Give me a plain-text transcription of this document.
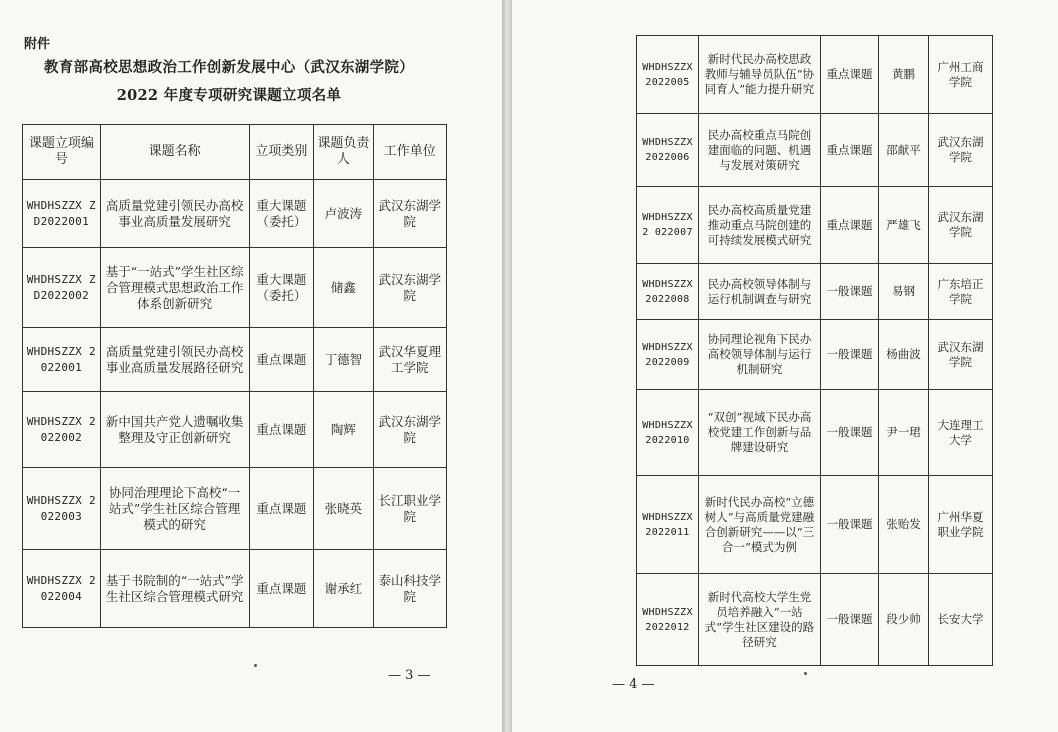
附件
教育部高校思想政治工作创新发展中心（武汉东湖学院）
2022 年度专项研究课题立项名单
课题立项编号	课题名称	立项类别	课题负责人	工作单位
WHDHSZZX ZD2022001	高质量党建引领民办高校事业高质量发展研究	重大课题（委托）	卢波涛	武汉东湖学院
WHDHSZZX ZD2022002	基于“一站式”学生社区综合管理模式思想政治工作体系创新研究	重大课题（委托）	储鑫	武汉东湖学院
WHDHSZZX 2022001	高质量党建引领民办高校事业高质量发展路径研究	重点课题	丁德智	武汉华夏理工学院
WHDHSZZX 2022002	新中国共产党人遗嘱收集整理及守正创新研究	重点课题	陶辉	武汉东湖学院
WHDHSZZX 2022003	协同治理理论下高校“一站式”学生社区综合管理模式的研究	重点课题	张晓英	长江职业学院
WHDHSZZX 2022004	基于书院制的“一站式”学生社区综合管理模式研究	重点课题	谢承红	泰山科技学院
— 3 —
— 4 —
WHDHSZZX 2022005	新时代民办高校思政教师与辅导员队伍“协同育人”能力提升研究	重点课题	黄鹏	广州工商学院
WHDHSZZX 2022006	民办高校重点马院创建面临的问题、机遇与发展对策研究	重点课题	邵献平	武汉东湖学院
WHDHSZZX2 022007	民办高校高质量党建推动重点马院创建的可持续发展模式研究	重点课题	严雄飞	武汉东湖学院
WHDHSZZX 2022008	民办高校领导体制与运行机制调查与研究	一般课题	易钢	广东培正学院
WHDHSZZX 2022009	协同理论视角下民办高校领导体制与运行机制研究	一般课题	杨曲波	武汉东湖学院
WHDHSZZX 2022010	“双创”视域下民办高校党建工作创新与品牌建设研究	一般课题	尹一珺	大连理工大学
WHDHSZZX 2022011	新时代民办高校“立德树人”与高质量党建融合创新研究——以“三合一”模式为例	一般课题	张贻发	广州华夏职业学院
WHDHSZZX 2022012	新时代高校大学生党员培养融入“一站式”学生社区建设的路径研究	一般课题	段少帅	长安大学
